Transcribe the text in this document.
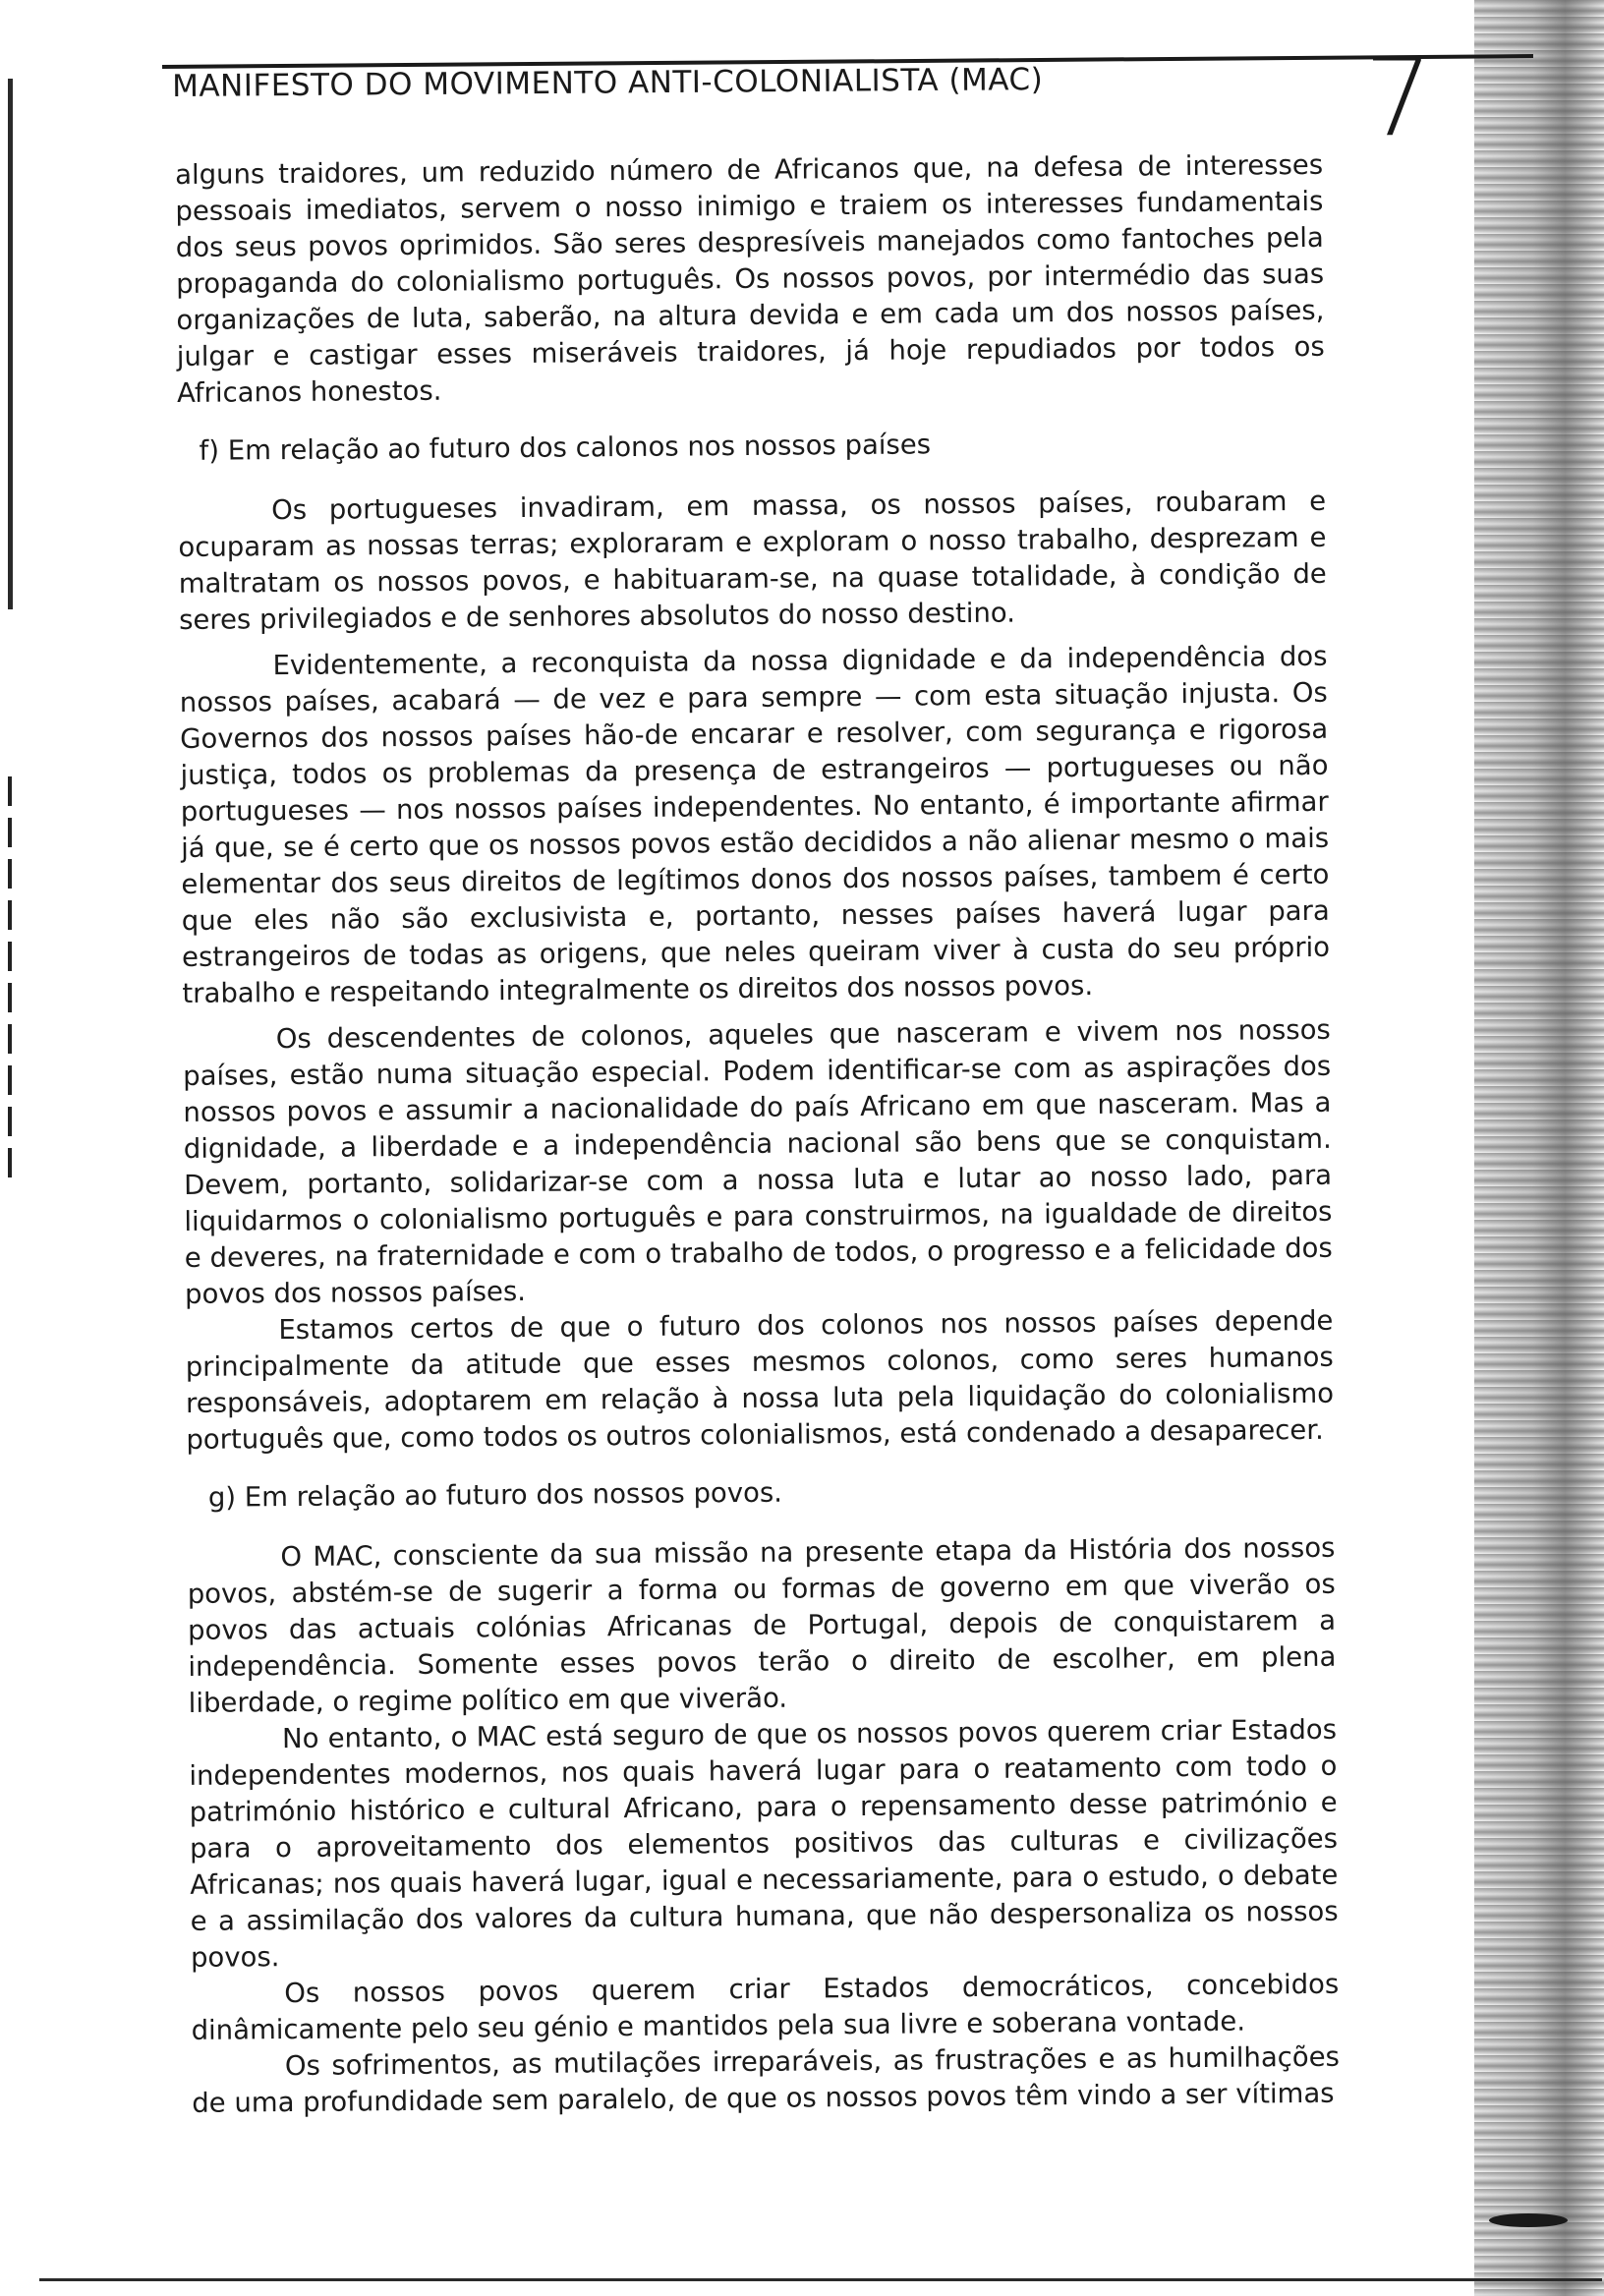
MANIFESTO DO MOVIMENTO ANTI-COLONIALISTA (MAC)	7

alguns traidores, um reduzido número de Africanos que, na defesa de interesses pessoais imediatos, servem o nosso inimigo e traiem os interesses fundamentais dos seus povos oprimidos. São seres despresíveis manejados como fantoches pela propaganda do colonialismo português. Os nossos povos, por intermédio das suas organizações de luta, saberão, na altura devida e em cada um dos nossos países, julgar e castigar esses miseráveis traidores, já hoje repudiados por todos os Africanos honestos.

f) Em relação ao futuro dos calonos nos nossos países

Os portugueses invadiram, em massa, os nossos países, roubaram e ocuparam as nossas terras; exploraram e exploram o nosso trabalho, desprezam e maltratam os nossos povos, e habituaram-se, na quase totalidade, à condição de seres privilegiados e de senhores absolutos do nosso destino.

Evidentemente, a reconquista da nossa dignidade e da independência dos nossos países, acabará — de vez e para sempre — com esta situação injusta. Os Governos dos nossos países hão-de encarar e resolver, com segurança e rigorosa justiça, todos os problemas da presença de estrangeiros — portugueses ou não portugueses — nos nossos países independentes. No entanto, é importante afirmar já que, se é certo que os nossos povos estão decididos a não alienar mesmo o mais elementar dos seus direitos de legítimos donos dos nossos países, tambem é certo que eles não são exclusivista e, portanto, nesses países haverá lugar para estrangeiros de todas as origens, que neles queiram viver à custa do seu próprio trabalho e respeitando integralmente os direitos dos nossos povos.

Os descendentes de colonos, aqueles que nasceram e vivem nos nossos países, estão numa situação especial. Podem identificar-se com as aspirações dos nossos povos e assumir a nacionalidade do país Africano em que nasceram. Mas a dignidade, a liberdade e a independência nacional são bens que se conquistam. Devem, portanto, solidarizar-se com a nossa luta e lutar ao nosso lado, para liquidarmos o colonialismo português e para construirmos, na igualdade de direitos e deveres, na fraternidade e com o trabalho de todos, o progresso e a felicidade dos povos dos nossos países.

Estamos certos de que o futuro dos colonos nos nossos países depende principalmente da atitude que esses mesmos colonos, como seres humanos responsáveis, adoptarem em relação à nossa luta pela liquidação do colonialismo português que, como todos os outros colonialismos, está condenado a desaparecer.

g) Em relação ao futuro dos nossos povos.

O MAC, consciente da sua missão na presente etapa da História dos nossos povos, abstém-se de sugerir a forma ou formas de governo em que viverão os povos das actuais colónias Africanas de Portugal, depois de conquistarem a independência. Somente esses povos terão o direito de escolher, em plena liberdade, o regime político em que viverão.

No entanto, o MAC está seguro de que os nossos povos querem criar Estados independentes modernos, nos quais haverá lugar para o reatamento com todo o património histórico e cultural Africano, para o repensamento desse património e para o aproveitamento dos elementos positivos das culturas e civilizações Africanas; nos quais haverá lugar, igual e necessariamente, para o estudo, o debate e a assimilação dos valores da cultura humana, que não despersonaliza os nossos povos.

Os nossos povos querem criar Estados democráticos, concebidos dinâmicamente pelo seu génio e mantidos pela sua livre e soberana vontade.

Os sofrimentos, as mutilações irreparáveis, as frustrações e as humilhações de uma profundidade sem paralelo, de que os nossos povos têm vindo a ser vítimas
